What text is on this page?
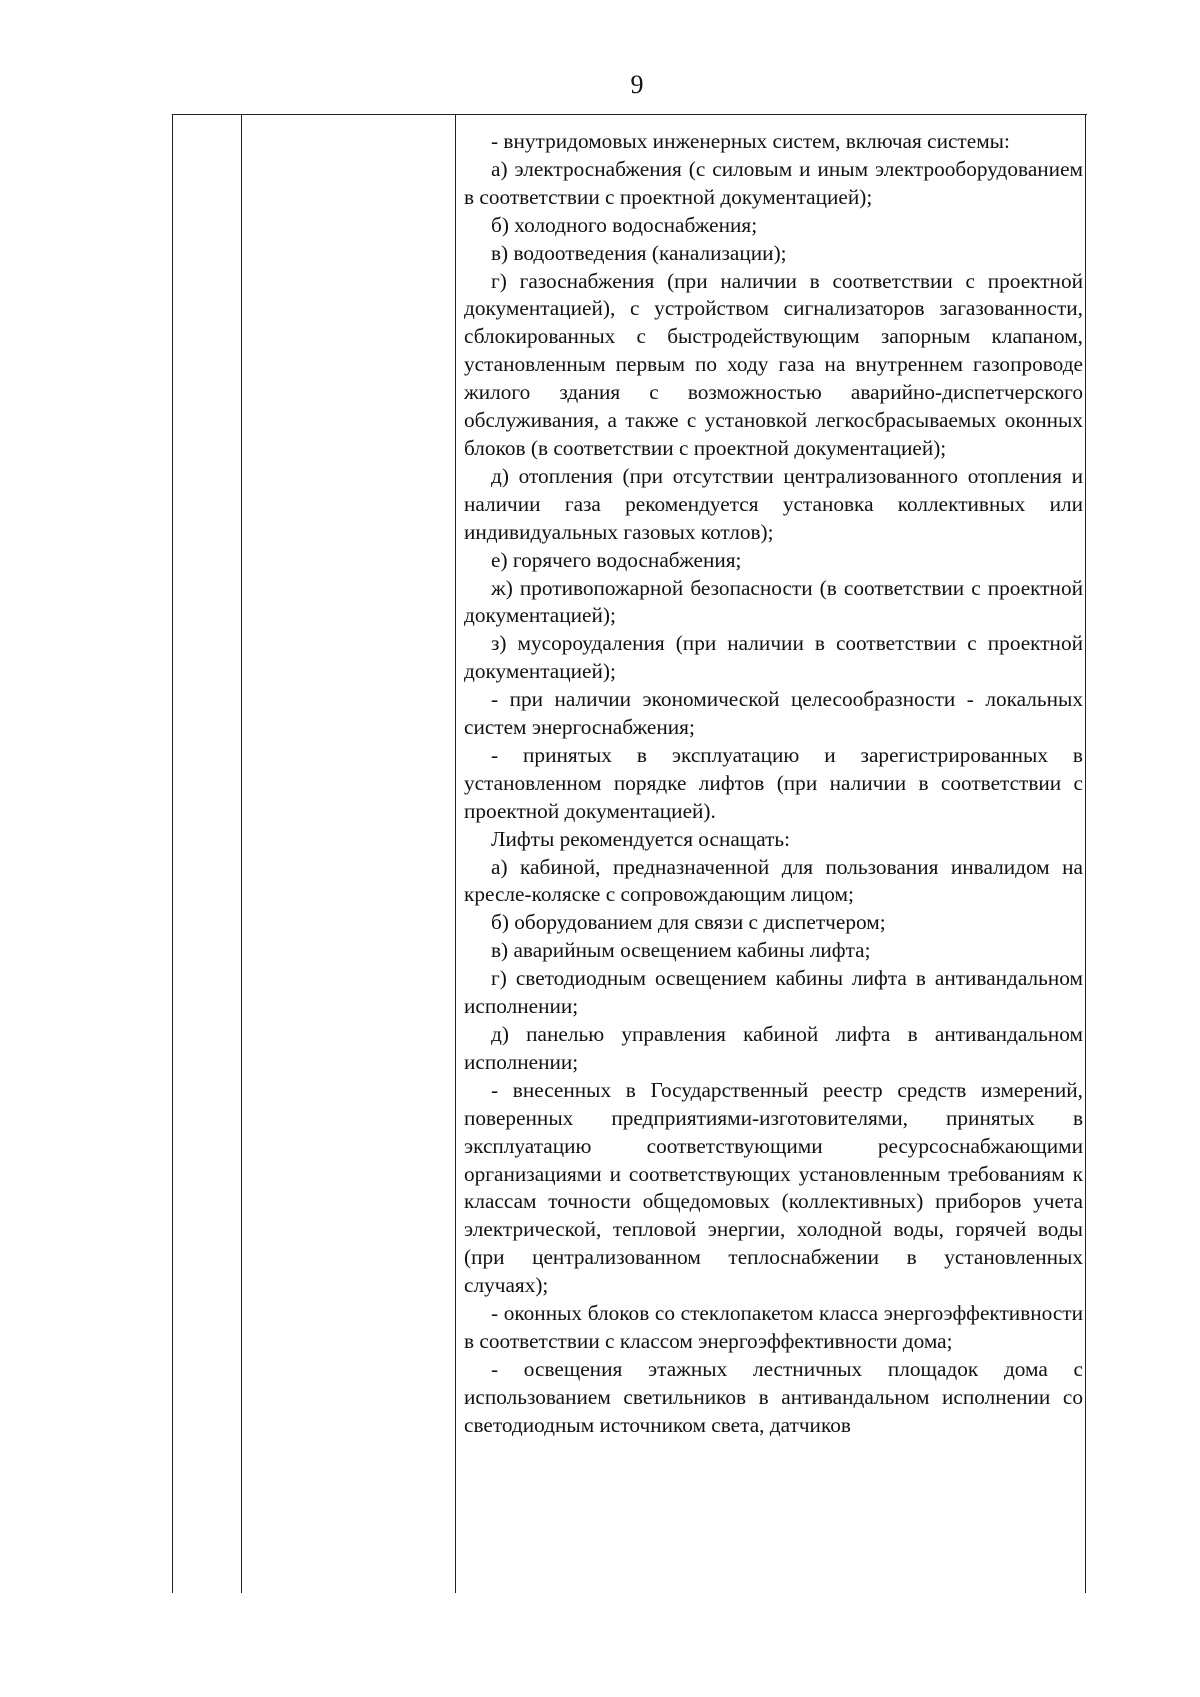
9

- внутридомовых инженерных систем, включая системы:

а) электроснабжения (с силовым и иным электрооборудованием в соответствии с проектной документацией);

б) холодного водоснабжения;

в) водоотведения (канализации);

г) газоснабжения (при наличии в соответствии с проектной документацией), с устройством сигнализаторов загазованности, сблокированных с быстродействующим запорным клапаном, установленным первым по ходу газа на внутреннем газопроводе жилого здания с возможностью аварийно-диспетчерского обслуживания, а также с установкой легкосбрасываемых оконных блоков (в соответствии с проектной документацией);

д) отопления (при отсутствии централизованного отопления и наличии газа рекомендуется установка коллективных или индивидуальных газовых котлов);

е) горячего водоснабжения;

ж) противопожарной безопасности (в соответствии с проектной документацией);

з) мусороудаления (при наличии в соответствии с проектной документацией);

- при наличии экономической целесообразности - локальных систем энергоснабжения;

- принятых в эксплуатацию и зарегистрированных в установленном порядке лифтов (при наличии в соответствии с проектной документацией).

Лифты рекомендуется оснащать:

а) кабиной, предназначенной для пользования инвалидом на кресле-коляске с сопровождающим лицом;

б) оборудованием для связи с диспетчером;

в) аварийным освещением кабины лифта;

г) светодиодным освещением кабины лифта в антивандальном исполнении;

д) панелью управления кабиной лифта в антивандальном исполнении;

- внесенных в Государственный реестр средств измерений, поверенных предприятиями-изготовителями, принятых в эксплуатацию соответствующими ресурсоснабжающими организациями и соответствующих установленным требованиям к классам точности общедомовых (коллективных) приборов учета электрической, тепловой энергии, холодной воды, горячей воды (при централизованном теплоснабжении в установленных случаях);

- оконных блоков со стеклопакетом класса энергоэффективности в соответствии с классом энергоэффективности дома;

- освещения этажных лестничных площадок дома с использованием светильников в антивандальном исполнении со светодиодным источником света, датчиков
